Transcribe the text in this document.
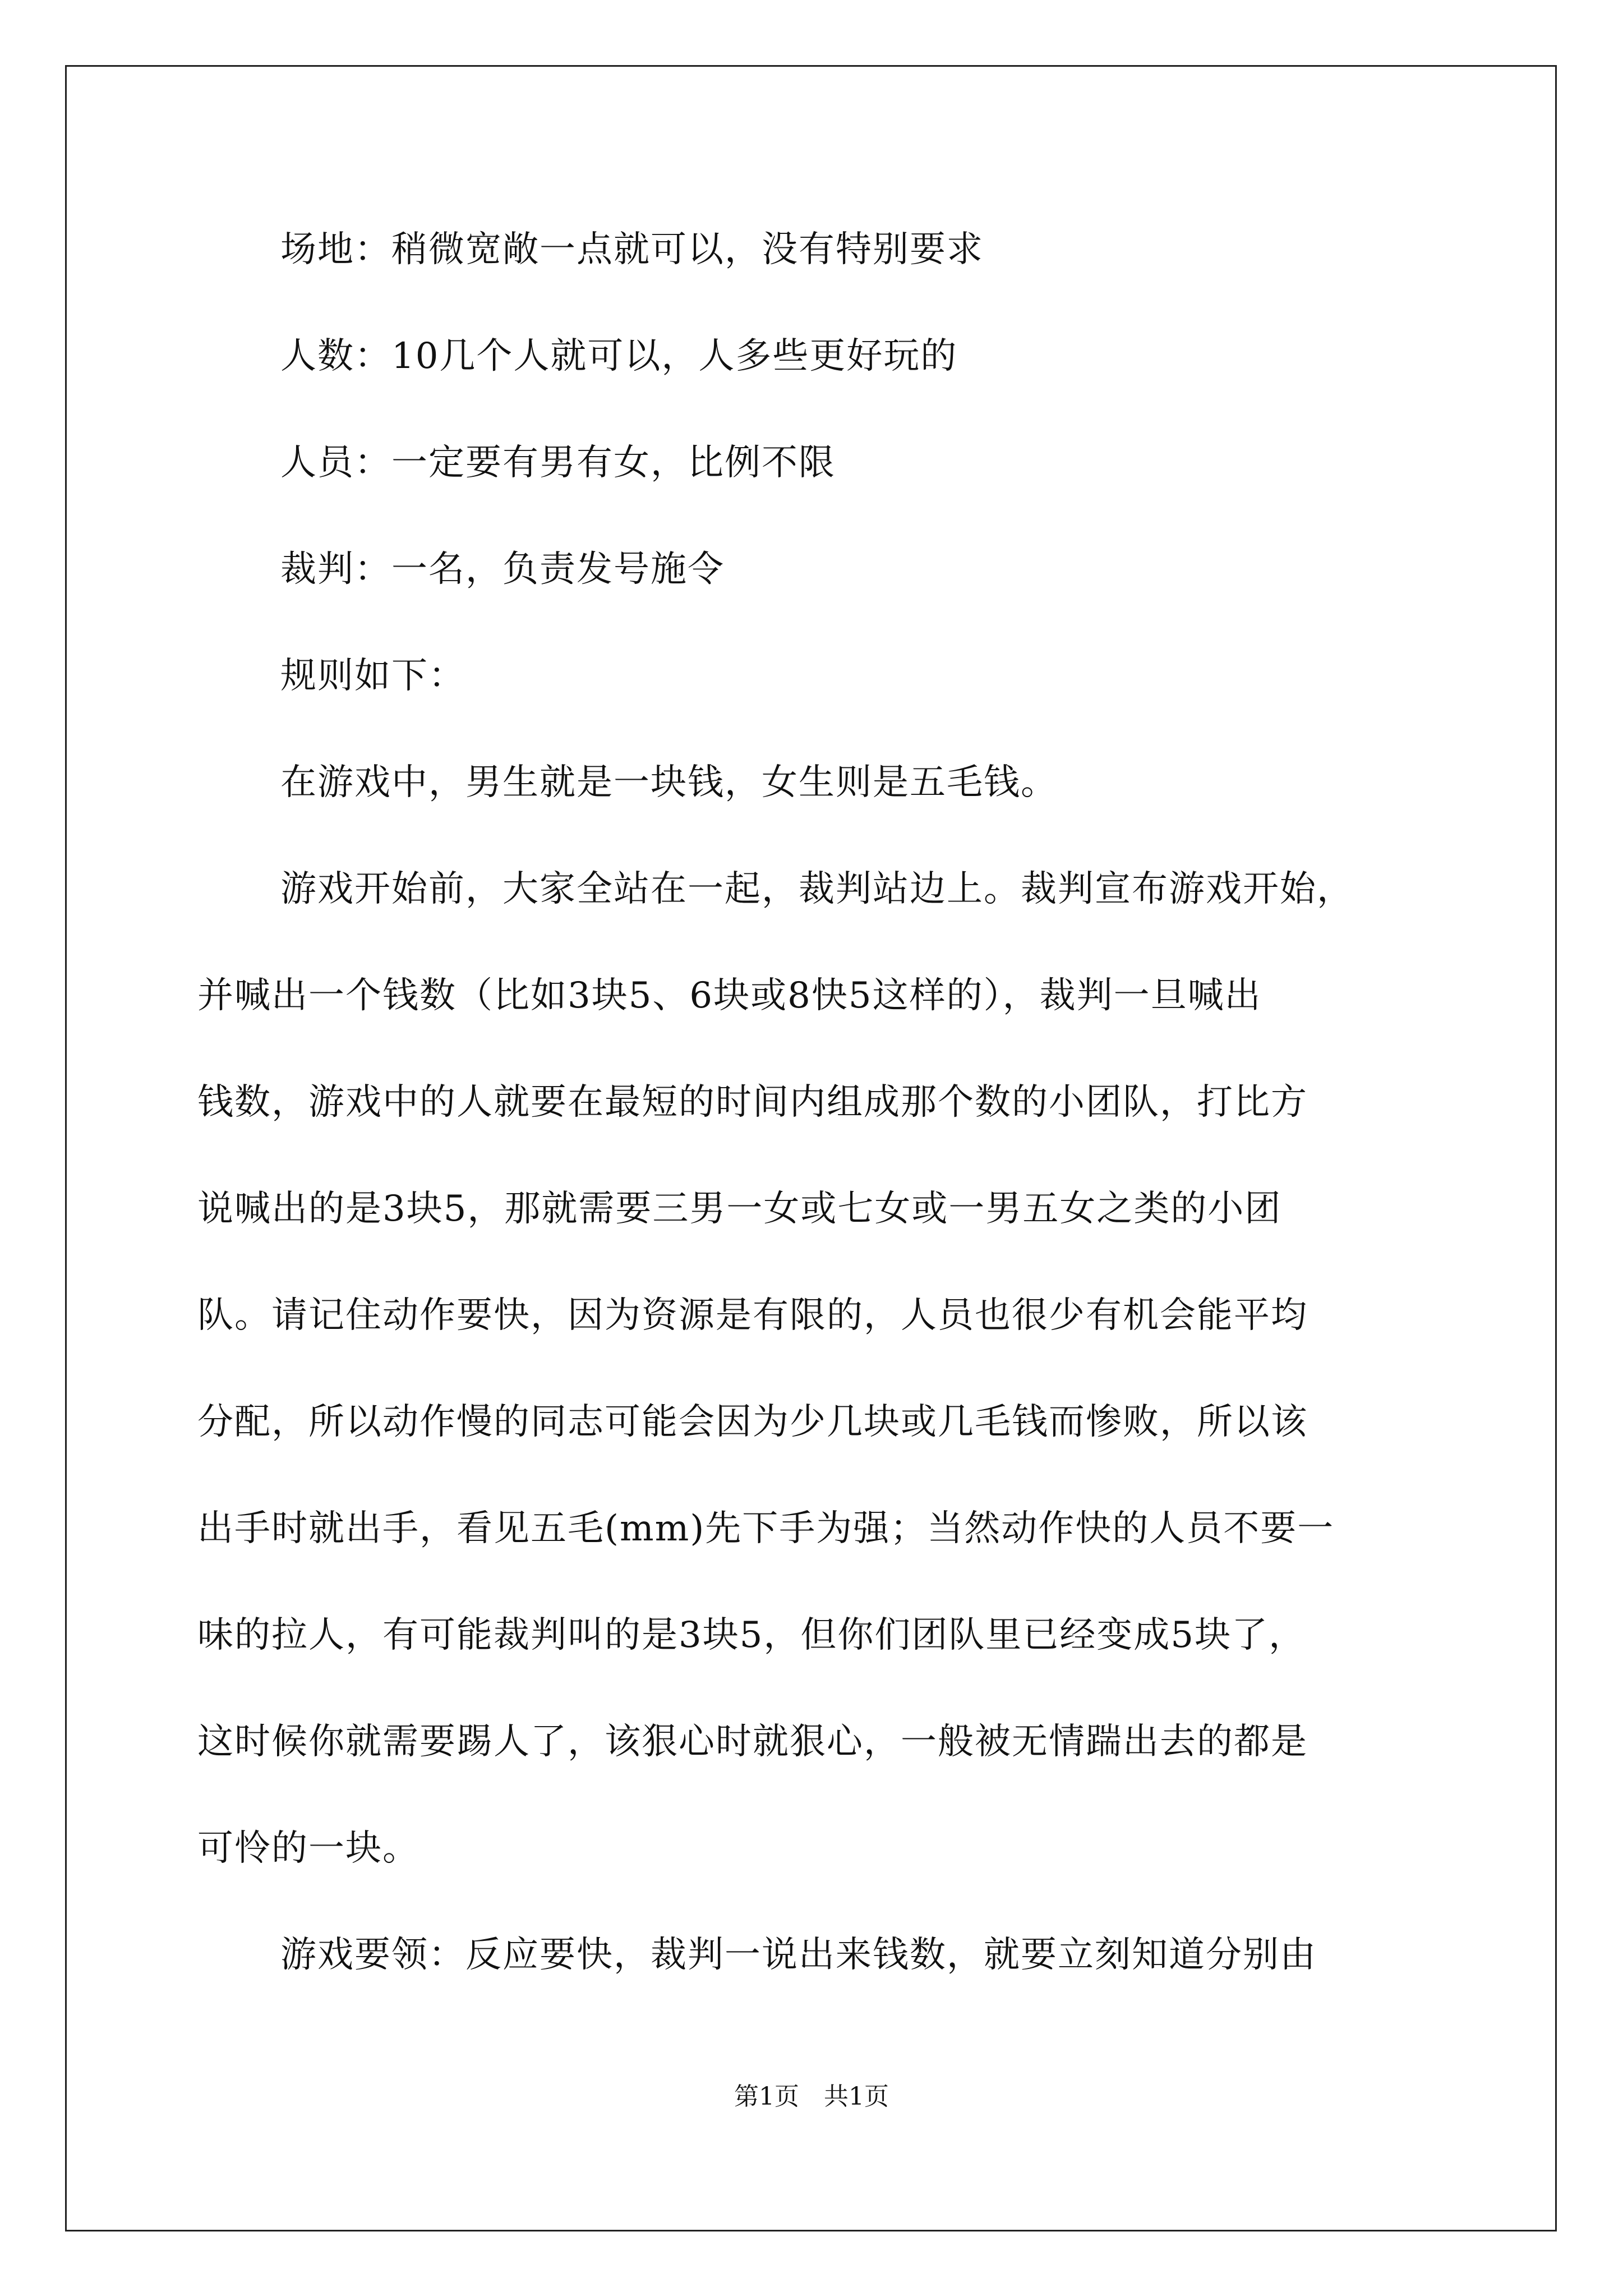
场地：稍微宽敞一点就可以，没有特别要求
人数：10几个人就可以，人多些更好玩的
人员：一定要有男有女，比例不限
裁判：一名，负责发号施令
规则如下：
在游戏中，男生就是一块钱，女生则是五毛钱。
游戏开始前，大家全站在一起，裁判站边上。裁判宣布游戏开始，
并喊出一个钱数（比如3块5、6块或8快5这样的），裁判一旦喊出
钱数，游戏中的人就要在最短的时间内组成那个数的小团队，打比方
说喊出的是3块5，那就需要三男一女或七女或一男五女之类的小团
队。请记住动作要快，因为资源是有限的，人员也很少有机会能平均
分配，所以动作慢的同志可能会因为少几块或几毛钱而惨败，所以该
出手时就出手，看见五毛(mm)先下手为强；当然动作快的人员不要一
味的拉人，有可能裁判叫的是3块5，但你们团队里已经变成5块了，
这时候你就需要踢人了，该狠心时就狠心，一般被无情踹出去的都是
可怜的一块。
游戏要领：反应要快，裁判一说出来钱数，就要立刻知道分别由
第1页　共1页
